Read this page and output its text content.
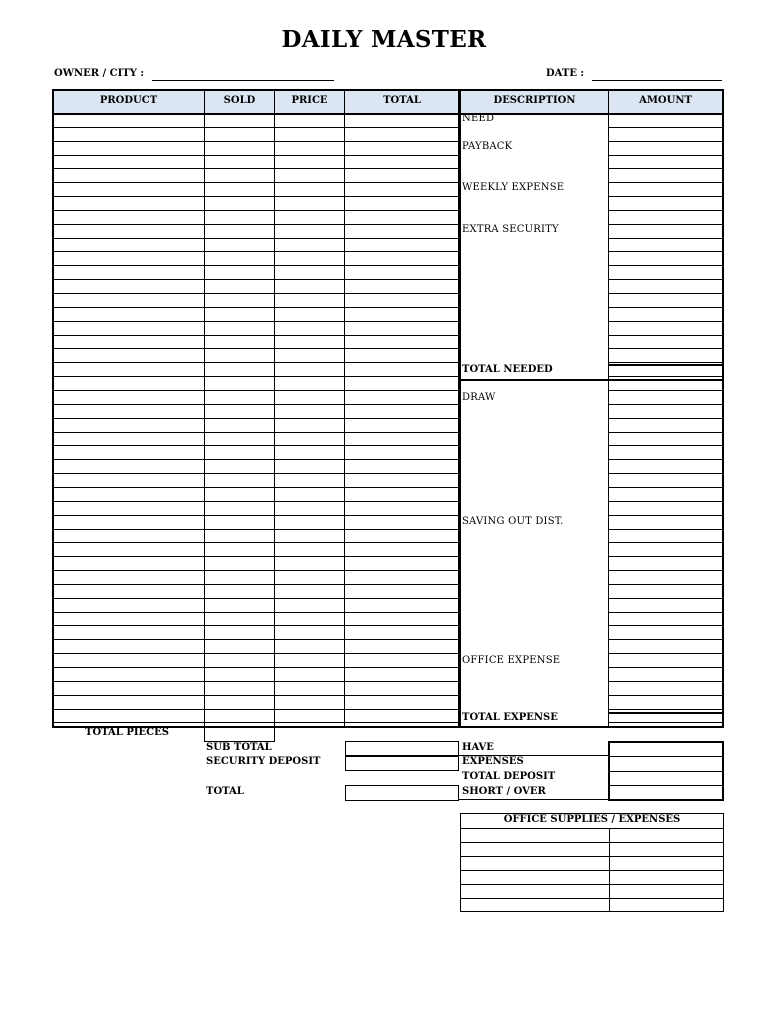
DAILY MASTER
OWNER / CITY :	DATE :
PRODUCT	SOLD	PRICE	TOTAL	DESCRIPTION	AMOUNT
NEED
PAYBACK
WEEKLY EXPENSE
EXTRA SECURITY
TOTAL NEEDED
DRAW
SAVING OUT DIST.
OFFICE EXPENSE
TOTAL EXPENSE
TOTAL PIECES
SUB TOTAL
SECURITY DEPOSIT
TOTAL
HAVE
EXPENSES
TOTAL DEPOSIT
SHORT / OVER
OFFICE SUPPLIES / EXPENSES
